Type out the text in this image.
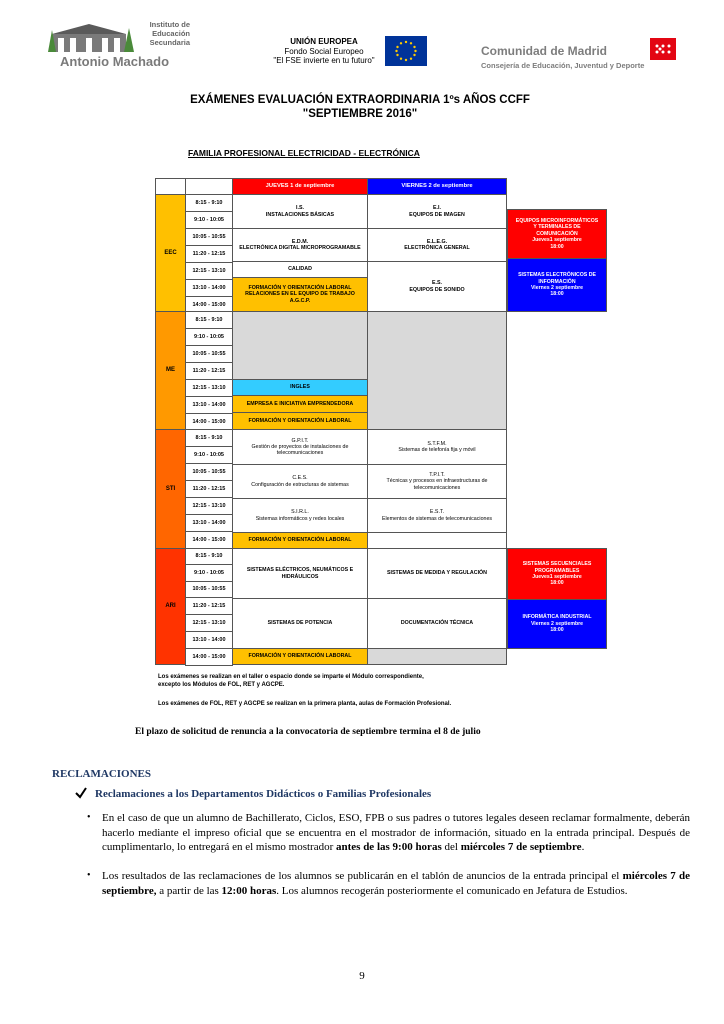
Instituto de
Educación
Secundaria
Antonio Machado
UNIÓN EUROPEA
Fondo Social Europeo
"El FSE invierte en tu futuro"
Comunidad de Madrid
Consejería de Educación, Juventud y Deporte
EXÁMENES EVALUACIÓN EXTRAORDINARIA 1ºs AÑOS CCFF
"SEPTIEMBRE 2016"
FAMILIA PROFESIONAL ELECTRICIDAD - ELECTRÓNICA
JUEVES 1 de septiembre	VIERNES 2 de septiembre
EEC
ME
STI
ARI
I.S.
INSTALACIONES BÁSICAS
E.D.M.
ELECTRÓNICA DIGITAL MICROPROGRAMABLE
CALIDAD
FORMACIÓN Y ORIENTACIÓN LABORAL
RELACIONES EN EL EQUIPO DE TRABAJO
A.G.C.P.
E.I.
EQUIPOS DE IMAGEN
E.L.E.G.
ELECTRÓNICA GENERAL
E.S.
EQUIPOS DE SONIDO
INGLES
EMPRESA E INICIATIVA EMPRENDEDORA
FORMACIÓN Y ORIENTACIÓN LABORAL
G.P.I.T.
Gestión de proyectos de instalaciones de telecomunicaciones
C.E.S.
Configuración de estructuras de sistemas
S.I.R.L.
Sistemas informáticos y redes locales
FORMACIÓN Y ORIENTACIÓN LABORAL
S.T.F.M.
Sistemas de telefonía fija y móvil
T.P.I.T.
Técnicas y procesos en infraestructuras de telecomunicaciones
E.S.T.
Elementos de sistemas de telecomunicaciones
SISTEMAS ELÉCTRICOS, NEUMÁTICOS E
HIDRÁULICOS
SISTEMAS DE POTENCIA
FORMACIÓN Y ORIENTACIÓN LABORAL
SISTEMAS DE MEDIDA Y REGULACIÓN
DOCUMENTACIÓN TÉCNICA
8:15 - 9:10
9:10 - 10:05
10:05 - 10:55
11:20 - 12:15
12:15 - 13:10
13:10 - 14:00
14:00 - 15:00
8:15 - 9:10
9:10 - 10:05
10:05 - 10:55
11:20 - 12:15
12:15 - 13:10
13:10 - 14:00
14:00 - 15:00
8:15 - 9:10
9:10 - 10:05
10:05 - 10:55
11:20 - 12:15
12:15 - 13:10
13:10 - 14:00
14:00 - 15:00
8:15 - 9:10
9:10 - 10:05
10:05 - 10:55
11:20 - 12:15
12:15 - 13:10
13:10 - 14:00
14:00 - 15:00
EQUIPOS MICROINFORMÁTICOS
Y TERMINALES DE
COMUNICACIÓN
Jueves1 septiembre
18:00
SISTEMAS ELECTRÓNICOS DE
INFORMACIÓN
Viernes 2 septiembre
18:00
SISTEMAS SECUENCIALES
PROGRAMABLES
Jueves1 septiembre
18:00
INFORMÁTICA INDUSTRIAL
Viernes 2 septiembre
18:00
Los exámenes se realizan en el taller o espacio donde se imparte el Módulo correspondiente,
excepto los Módulos de FOL, RET y AGCPE.
Los exámenes de FOL, RET y AGCPE se realizan en la primera planta, aulas de Formación Profesional.
El plazo de solicitud de renuncia a la convocatoria de septiembre termina el 8 de julio
RECLAMACIONES
Reclamaciones a los Departamentos Didácticos o Familias Profesionales
• En el caso de que un alumno de Bachillerato, Ciclos, ESO, FPB o sus padres o tutores legales deseen reclamar formalmente, deberán hacerlo mediante el impreso oficial que se encuentra en el mostrador de información, situado en la entrada principal. Después de cumplimentarlo, lo entregará en el mismo mostrador antes de las 9:00 horas del miércoles 7 de septiembre.
• Los resultados de las reclamaciones de los alumnos se publicarán en el tablón de anuncios de la entrada principal el miércoles 7 de septiembre, a partir de las 12:00 horas. Los alumnos recogerán posteriormente el comunicado en Jefatura de Estudios.
9
